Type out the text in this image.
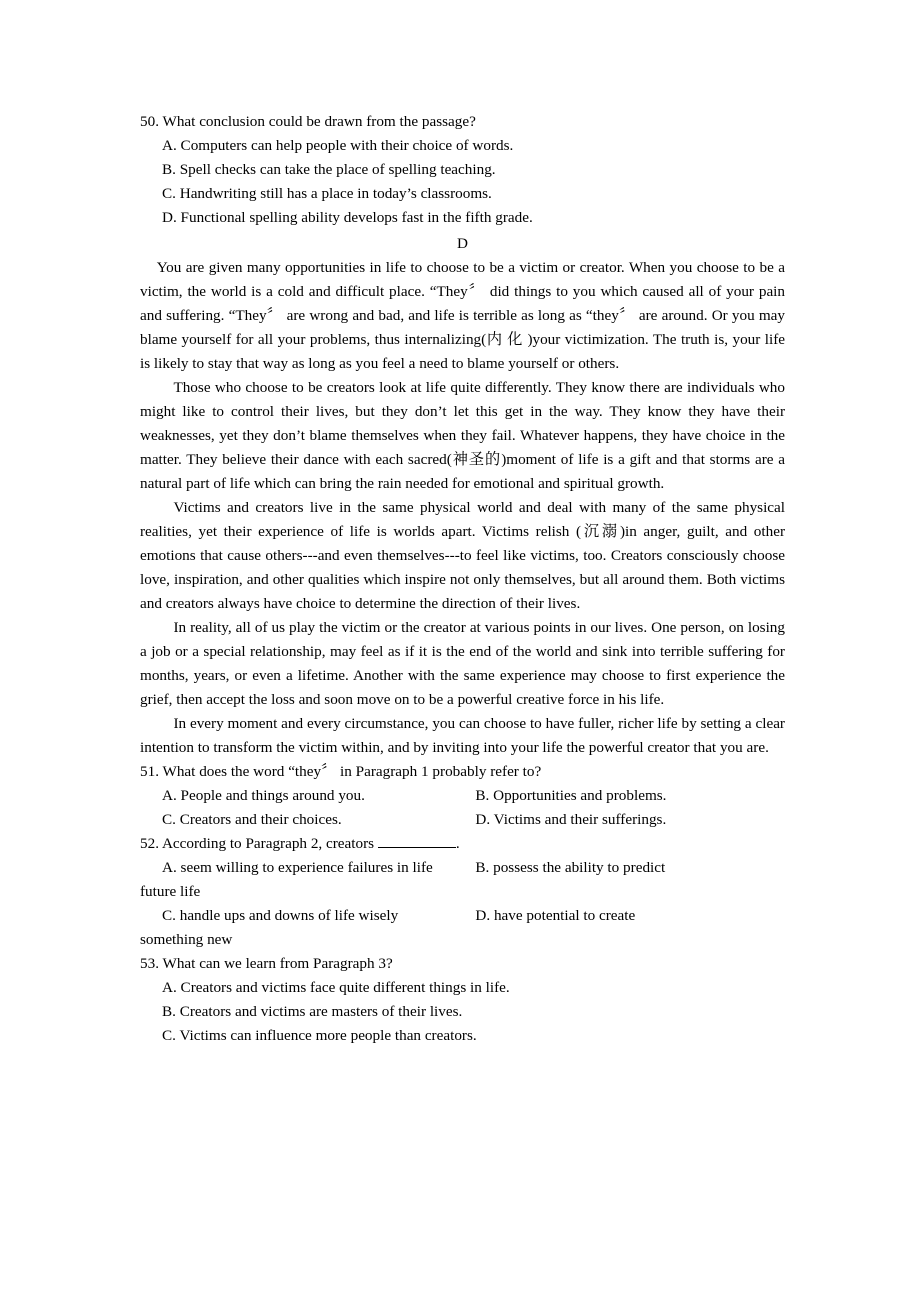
50. What conclusion could be drawn from the passage?
A. Computers can help people with their choice of words.
B. Spell checks can take the place of spelling teaching.
C. Handwriting still has a place in today’s classrooms.
D. Functional spelling ability develops fast in the fifth grade.
D

You are given many opportunities in life to choose to be a victim or creator. When you choose to be a victim, the world is a cold and difficult place. “They〞 did things to you which caused all of your pain and suffering. “They〞 are wrong and bad, and life is terrible as long as “they〞 are around. Or you may blame yourself for all your problems, thus internalizing(内 化 )your victimization. The truth is, your life is likely to stay that way as long as you feel a need to blame yourself or others.

Those who choose to be creators look at life quite differently. They know there are individuals who might like to control their lives, but they don’t let this get in the way. They know they have their weaknesses, yet they don’t blame themselves when they fail. Whatever happens, they have choice in the matter. They believe their dance with each sacred(神圣的)moment of life is a gift and that storms are a natural part of life which can bring the rain needed for emotional and spiritual growth.

Victims and creators live in the same physical world and deal with many of the same physical realities, yet their experience of life is worlds apart. Victims relish (沉溺)in anger, guilt, and other emotions that cause others---and even themselves---to feel like victims, too. Creators consciously choose love, inspiration, and other qualities which inspire not only themselves, but all around them. Both victims and creators always have choice to determine the direction of their lives.

In reality, all of us play the victim or the creator at various points in our lives. One person, on losing a job or a special relationship, may feel as if it is the end of the world and sink into terrible suffering for months, years, or even a lifetime. Another with the same experience may choose to first experience the grief, then accept the loss and soon move on to be a powerful creative force in his life.

In every moment and every circumstance, you can choose to have fuller, richer life by setting a clear intention to transform the victim within, and by inviting into your life the powerful creator that you are.

51. What does the word “they〞 in Paragraph 1 probably refer to?
A. People and things around you.	B. Opportunities and problems.
C. Creators and their choices.	D. Victims and their sufferings.
52. According to Paragraph 2, creators	.
A. seem willing to experience failures in life	B. possess the ability to predict
future life
C. handle ups and downs of life wisely	D. have potential to create
something new
53. What can we learn from Paragraph 3?
A. Creators and victims face quite different things in life.
B. Creators and victims are masters of their lives.
C. Victims can influence more people than creators.
